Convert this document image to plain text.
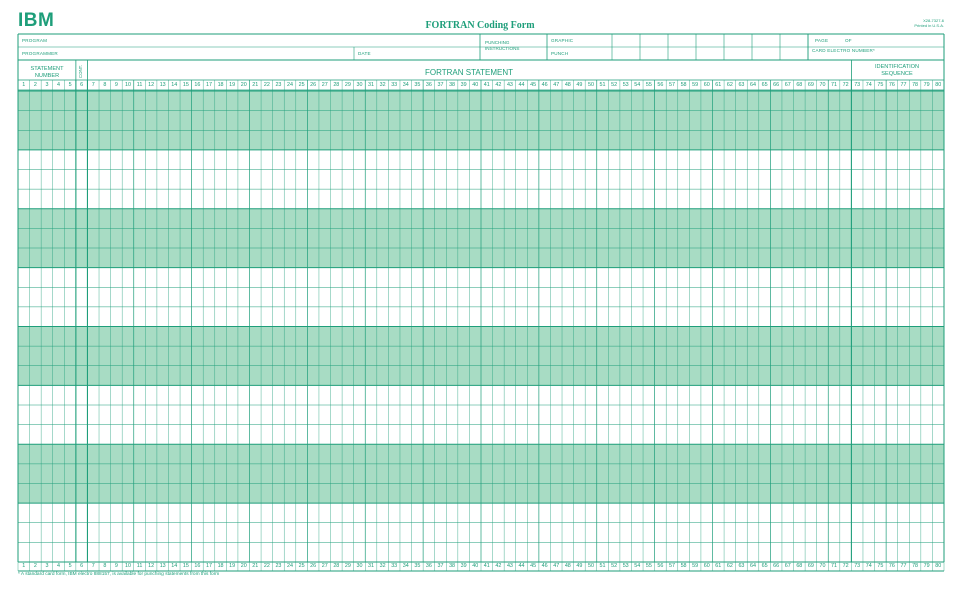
IBM	FORTRAN Coding Form	X28-7327-6
Printed in U.S.A.
PROGRAM
PROGRAMMER	DATE
PUNCHING
INSTRUCTIONS
GRAPHIC
PUNCH
PAGE	OF
CARD ELECTRO NUMBER*
STATEMENT
NUMBER	CONT.	FORTRAN STATEMENT
IDENTIFICATION
SEQUENCE
1	2	3	4	5	6	7	8	9	10	11	12	13	14	15	16	17	18	19	20	21	22	23	24	25	26	27	28	29	30	31	32	33	34	35	36	37	38	39	40	41	42	43	44	45	46	47	48	49	50	51	52	53	54	55	56	57	58	59	60	61	62	63	64	65	66	67	68	69	70	71	72	73	74	75	76	77	78	79	80
1	2	3	4	5	6	7	8	9	10	11	12	13	14	15	16	17	18	19	20	21	22	23	24	25	26	27	28	29	30	31	32	33	34	35	36	37	38	39	40	41	42	43	44	45	46	47	48	49	50	51	52	53	54	55	56	57	58	59	60	61	62	63	64	65	66	67	68	69	70	71	72	73	74	75	76	77	78	79	80
* A standard card form, IBM electro 888157, is available for punching statements from this form
